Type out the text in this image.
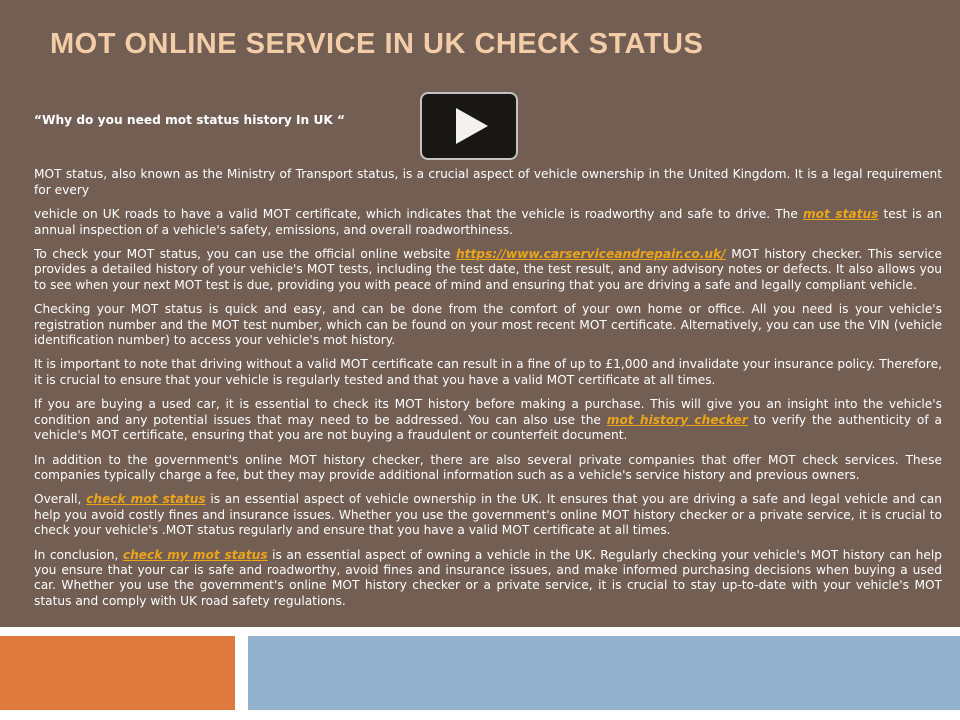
MOT ONLINE SERVICE IN UK CHECK STATUS

“Why do you need mot status history In UK “

MOT status, also known as the Ministry of Transport status, is a crucial aspect of vehicle ownership in the United Kingdom. It is a legal requirement for every

vehicle on UK roads to have a valid MOT certificate, which indicates that the vehicle is roadworthy and safe to drive. The mot status test is an annual inspection of a vehicle's safety, emissions, and overall roadworthiness.

To check your MOT status, you can use the official online website https://www.carserviceandrepair.co.uk/ MOT history checker. This service provides a detailed history of your vehicle's MOT tests, including the test date, the test result, and any advisory notes or defects. It also allows you to see when your next MOT test is due, providing you with peace of mind and ensuring that you are driving a safe and legally compliant vehicle.

Checking your MOT status is quick and easy, and can be done from the comfort of your own home or office. All you need is your vehicle's registration number and the MOT test number, which can be found on your most recent MOT certificate. Alternatively, you can use the VIN (vehicle identification number) to access your vehicle's mot history.

It is important to note that driving without a valid MOT certificate can result in a fine of up to £1,000 and invalidate your insurance policy. Therefore, it is crucial to ensure that your vehicle is regularly tested and that you have a valid MOT certificate at all times.

If you are buying a used car, it is essential to check its MOT history before making a purchase. This will give you an insight into the vehicle's condition and any potential issues that may need to be addressed. You can also use the mot history checker to verify the authenticity of a vehicle's MOT certificate, ensuring that you are not buying a fraudulent or counterfeit document.

In addition to the government's online MOT history checker, there are also several private companies that offer MOT check services. These companies typically charge a fee, but they may provide additional information such as a vehicle's service history and previous owners.

Overall, check mot status is an essential aspect of vehicle ownership in the UK. It ensures that you are driving a safe and legal vehicle and can help you avoid costly fines and insurance issues. Whether you use the government's online MOT history checker or a private service, it is crucial to check your vehicle's .MOT status regularly and ensure that you have a valid MOT certificate at all times.

In conclusion, check my mot status is an essential aspect of owning a vehicle in the UK. Regularly checking your vehicle's MOT history can help you ensure that your car is safe and roadworthy, avoid fines and insurance issues, and make informed purchasing decisions when buying a used car. Whether you use the government's online MOT history checker or a private service, it is crucial to stay up-to-date with your vehicle's MOT status and comply with UK road safety regulations.
